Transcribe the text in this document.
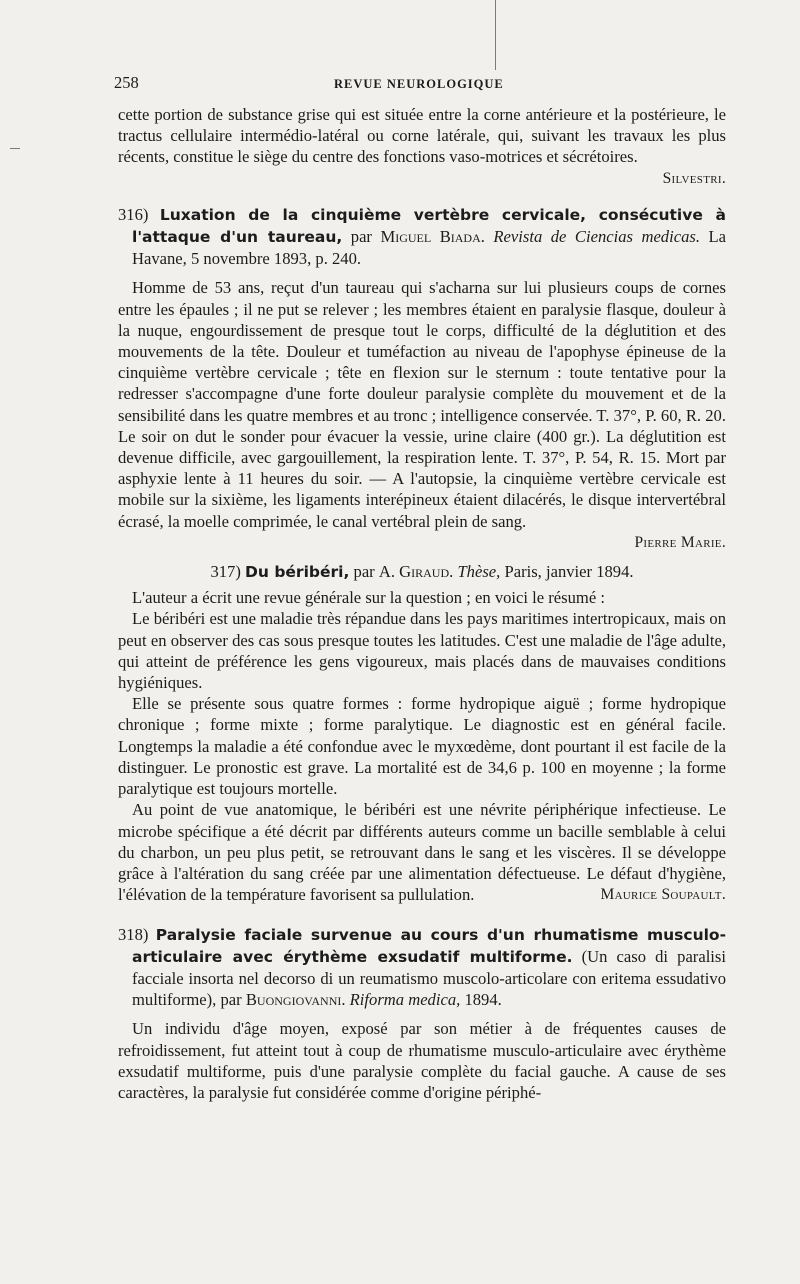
258	REVUE NEUROLOGIQUE

cette portion de substance grise qui est située entre la corne antérieure et la postérieure, le tractus cellulaire intermédio-latéral ou corne latérale, qui, suivant les travaux les plus récents, constitue le siège du centre des fonctions vaso-motrices et sécrétoires.

Silvestri.

316) Luxation de la cinquième vertèbre cervicale, consécutive à l'attaque d'un taureau, par Miguel Biada. Revista de Ciencias medicas. La Havane, 5 novembre 1893, p. 240.

Homme de 53 ans, reçut d'un taureau qui s'acharna sur lui plusieurs coups de cornes entre les épaules ; il ne put se relever ; les membres étaient en paralysie flasque, douleur à la nuque, engourdissement de presque tout le corps, difficulté de la déglutition et des mouvements de la tête. Douleur et tuméfaction au niveau de l'apophyse épineuse de la cinquième vertèbre cervicale ; tête en flexion sur le sternum : toute tentative pour la redresser s'accompagne d'une forte douleur paralysie complète du mouvement et de la sensibilité dans les quatre membres et au tronc ; intelligence conservée. T. 37°, P. 60, R. 20. Le soir on dut le sonder pour évacuer la vessie, urine claire (400 gr.). La déglutition est devenue difficile, avec gargouillement, la respiration lente. T. 37°, P. 54, R. 15. Mort par asphyxie lente à 11 heures du soir. — A l'autopsie, la cinquième vertèbre cervicale est mobile sur la sixième, les ligaments interépineux étaient dilacérés, le disque intervertébral écrasé, la moelle comprimée, le canal vertébral plein de sang.

Pierre Marie.

317) Du béribéri, par A. Giraud. Thèse, Paris, janvier 1894.

L'auteur a écrit une revue générale sur la question ; en voici le résumé :

Le béribéri est une maladie très répandue dans les pays maritimes intertropicaux, mais on peut en observer des cas sous presque toutes les latitudes. C'est une maladie de l'âge adulte, qui atteint de préférence les gens vigoureux, mais placés dans de mauvaises conditions hygiéniques.

Elle se présente sous quatre formes : forme hydropique aiguë ; forme hydropique chronique ; forme mixte ; forme paralytique. Le diagnostic est en général facile. Longtemps la maladie a été confondue avec le myxœdème, dont pourtant il est facile de la distinguer. Le pronostic est grave. La mortalité est de 34,6 p. 100 en moyenne ; la forme paralytique est toujours mortelle.

Au point de vue anatomique, le béribéri est une névrite périphérique infectieuse. Le microbe spécifique a été décrit par différents auteurs comme un bacille semblable à celui du charbon, un peu plus petit, se retrouvant dans le sang et les viscères. Il se développe grâce à l'altération du sang créée par une alimentation défectueuse. Le défaut d'hygiène, l'élévation de la température favorisent sa pullulation.	Maurice Soupault.

318) Paralysie faciale survenue au cours d'un rhumatisme musculo-articulaire avec érythème exsudatif multiforme. (Un caso di paralisi facciale insorta nel decorso di un reumatismo muscolo-articolare con eritema essudativo multiforme), par Buongiovanni. Riforma medica, 1894.

Un individu d'âge moyen, exposé par son métier à de fréquentes causes de refroidissement, fut atteint tout à coup de rhumatisme musculo-articulaire avec érythème exsudatif multiforme, puis d'une paralysie complète du facial gauche. A cause de ses caractères, la paralysie fut considérée comme d'origine périphé-
